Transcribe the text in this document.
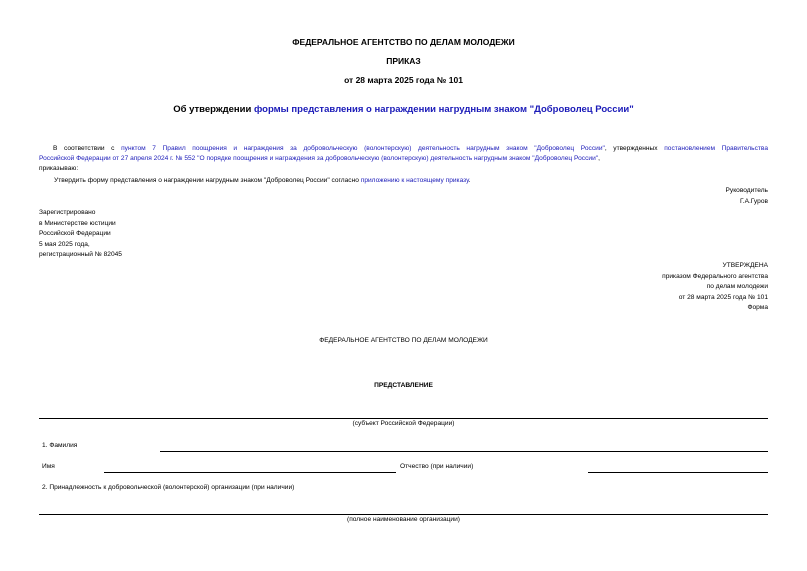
ФЕДЕРАЛЬНОЕ АГЕНТСТВО ПО ДЕЛАМ МОЛОДЕЖИ
ПРИКАЗ
от 28 марта 2025 года № 101
Об утверждении формы представления о награждении нагрудным знаком "Доброволец России"
В соответствии с пунктом 7 Правил поощрения и награждения за добровольческую (волонтерскую) деятельность нагрудным знаком "Доброволец России", утвержденных постановлением Правительства
Российской Федерации от 27 апреля 2024 г. № 552 "О порядке поощрения и награждения за добровольческую (волонтерскую) деятельность нагрудным знаком "Доброволец России",
приказываю:
Утвердить форму представления о награждении нагрудным знаком "Доброволец России" согласно приложению к настоящему приказу.
Руководитель
Г.А.Гуров
Зарегистрировано
в Министерстве юстиции
Российской Федерации
5 мая 2025 года,
регистрационный № 82045
УТВЕРЖДЕНА
приказом Федерального агентства
по делам молодежи
от 28 марта 2025 года № 101
Форма
ФЕДЕРАЛЬНОЕ АГЕНТСТВО ПО ДЕЛАМ МОЛОДЕЖИ
ПРЕДСТАВЛЕНИЕ
(субъект Российской Федерации)
1. Фамилия
Имя	Отчество (при наличии)
2. Принадлежность к добровольческой (волонтерской) организации (при наличии)
(полное наименование организации)
